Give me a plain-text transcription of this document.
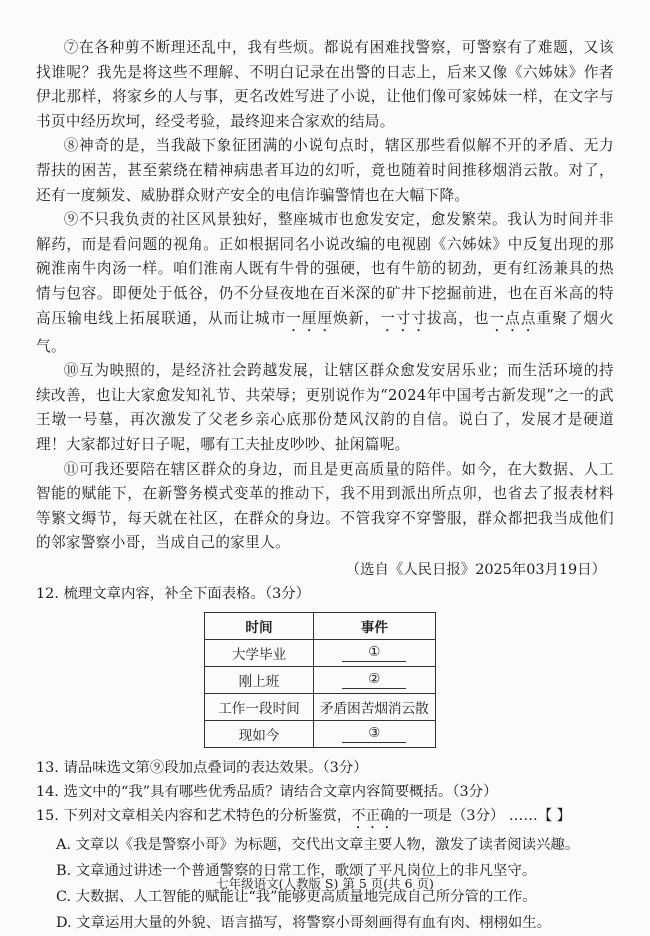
⑦在各种剪不断理还乱中，我有些烦。都说有困难找警察，可警察有了难题，又该找谁呢？我先是将这些不理解、不明白记录在出警的日志上，后来又像《六姊妹》作者伊北那样，将家乡的人与事，更名改姓写进了小说，让他们像可家姊妹一样，在文字与书页中经历坎坷，经受考验，最终迎来合家欢的结局。

⑧神奇的是，当我敲下象征团满的小说句点时，辖区那些看似解不开的矛盾、无力帮扶的困苦，甚至萦绕在精神病患者耳边的幻听，竟也随着时间推移烟消云散。对了，还有一度频发、威胁群众财产安全的电信诈骗警情也在大幅下降。

⑨不只我负责的社区风景独好，整座城市也愈发安定，愈发繁荣。我认为时间并非解药，而是看问题的视角。正如根据同名小说改编的电视剧《六姊妹》中反复出现的那碗淮南牛肉汤一样。咱们淮南人既有牛骨的强硬，也有牛筋的韧劲，更有红汤兼具的热情与包容。即便处于低谷，仍不分昼夜地在百米深的矿井下挖掘前进，也在百米高的特高压输电线上拓展联通，从而让城市一厘厘焕新，一寸寸拔高，也一点点重聚了烟火气。

⑩互为映照的，是经济社会跨越发展，让辖区群众愈发安居乐业；而生活环境的持续改善，也让大家愈发知礼节、共荣辱；更别说作为“2024年中国考古新发现”之一的武王墩一号墓，再次激发了父老乡亲心底那份楚风汉韵的自信。说白了，发展才是硬道理！大家都过好日子呢，哪有工夫扯皮吵吵、扯闲篇呢。

⑪可我还要陪在辖区群众的身边，而且是更高质量的陪伴。如今，在大数据、人工智能的赋能下，在新警务模式变革的推动下，我不用到派出所点卯，也省去了报表材料等繁文缛节，每天就在社区，在群众的身边。不管我穿不穿警服，群众都把我当成他们的邻家警察小哥，当成自己的家里人。

（选自《人民日报》2025年03月19日）

12. 梳理文章内容，补全下面表格。（3分）

时间	事件
大学毕业	①
刚上班	②
工作一段时间	矛盾困苦烟消云散
现如今	③

13. 请品味选文第⑨段加点叠词的表达效果。（3分）

14. 选文中的“我”具有哪些优秀品质？请结合文章内容简要概括。（3分）

15. 下列对文章相关内容和艺术特色的分析鉴赏，不正确的一项是（3分） ……【 】

A. 文章以《我是警察小哥》为标题，交代出文章主要人物，激发了读者阅读兴趣。

B. 文章通过讲述一个普通警察的日常工作，歌颂了平凡岗位上的非凡坚守。

C. 大数据、人工智能的赋能让“我”能够更高质量地完成自己所分管的工作。

D. 文章运用大量的外貌、语言描写，将警察小哥刻画得有血有肉、栩栩如生。

七年级语文(人教版 S) 第 5 页(共 6 页)
